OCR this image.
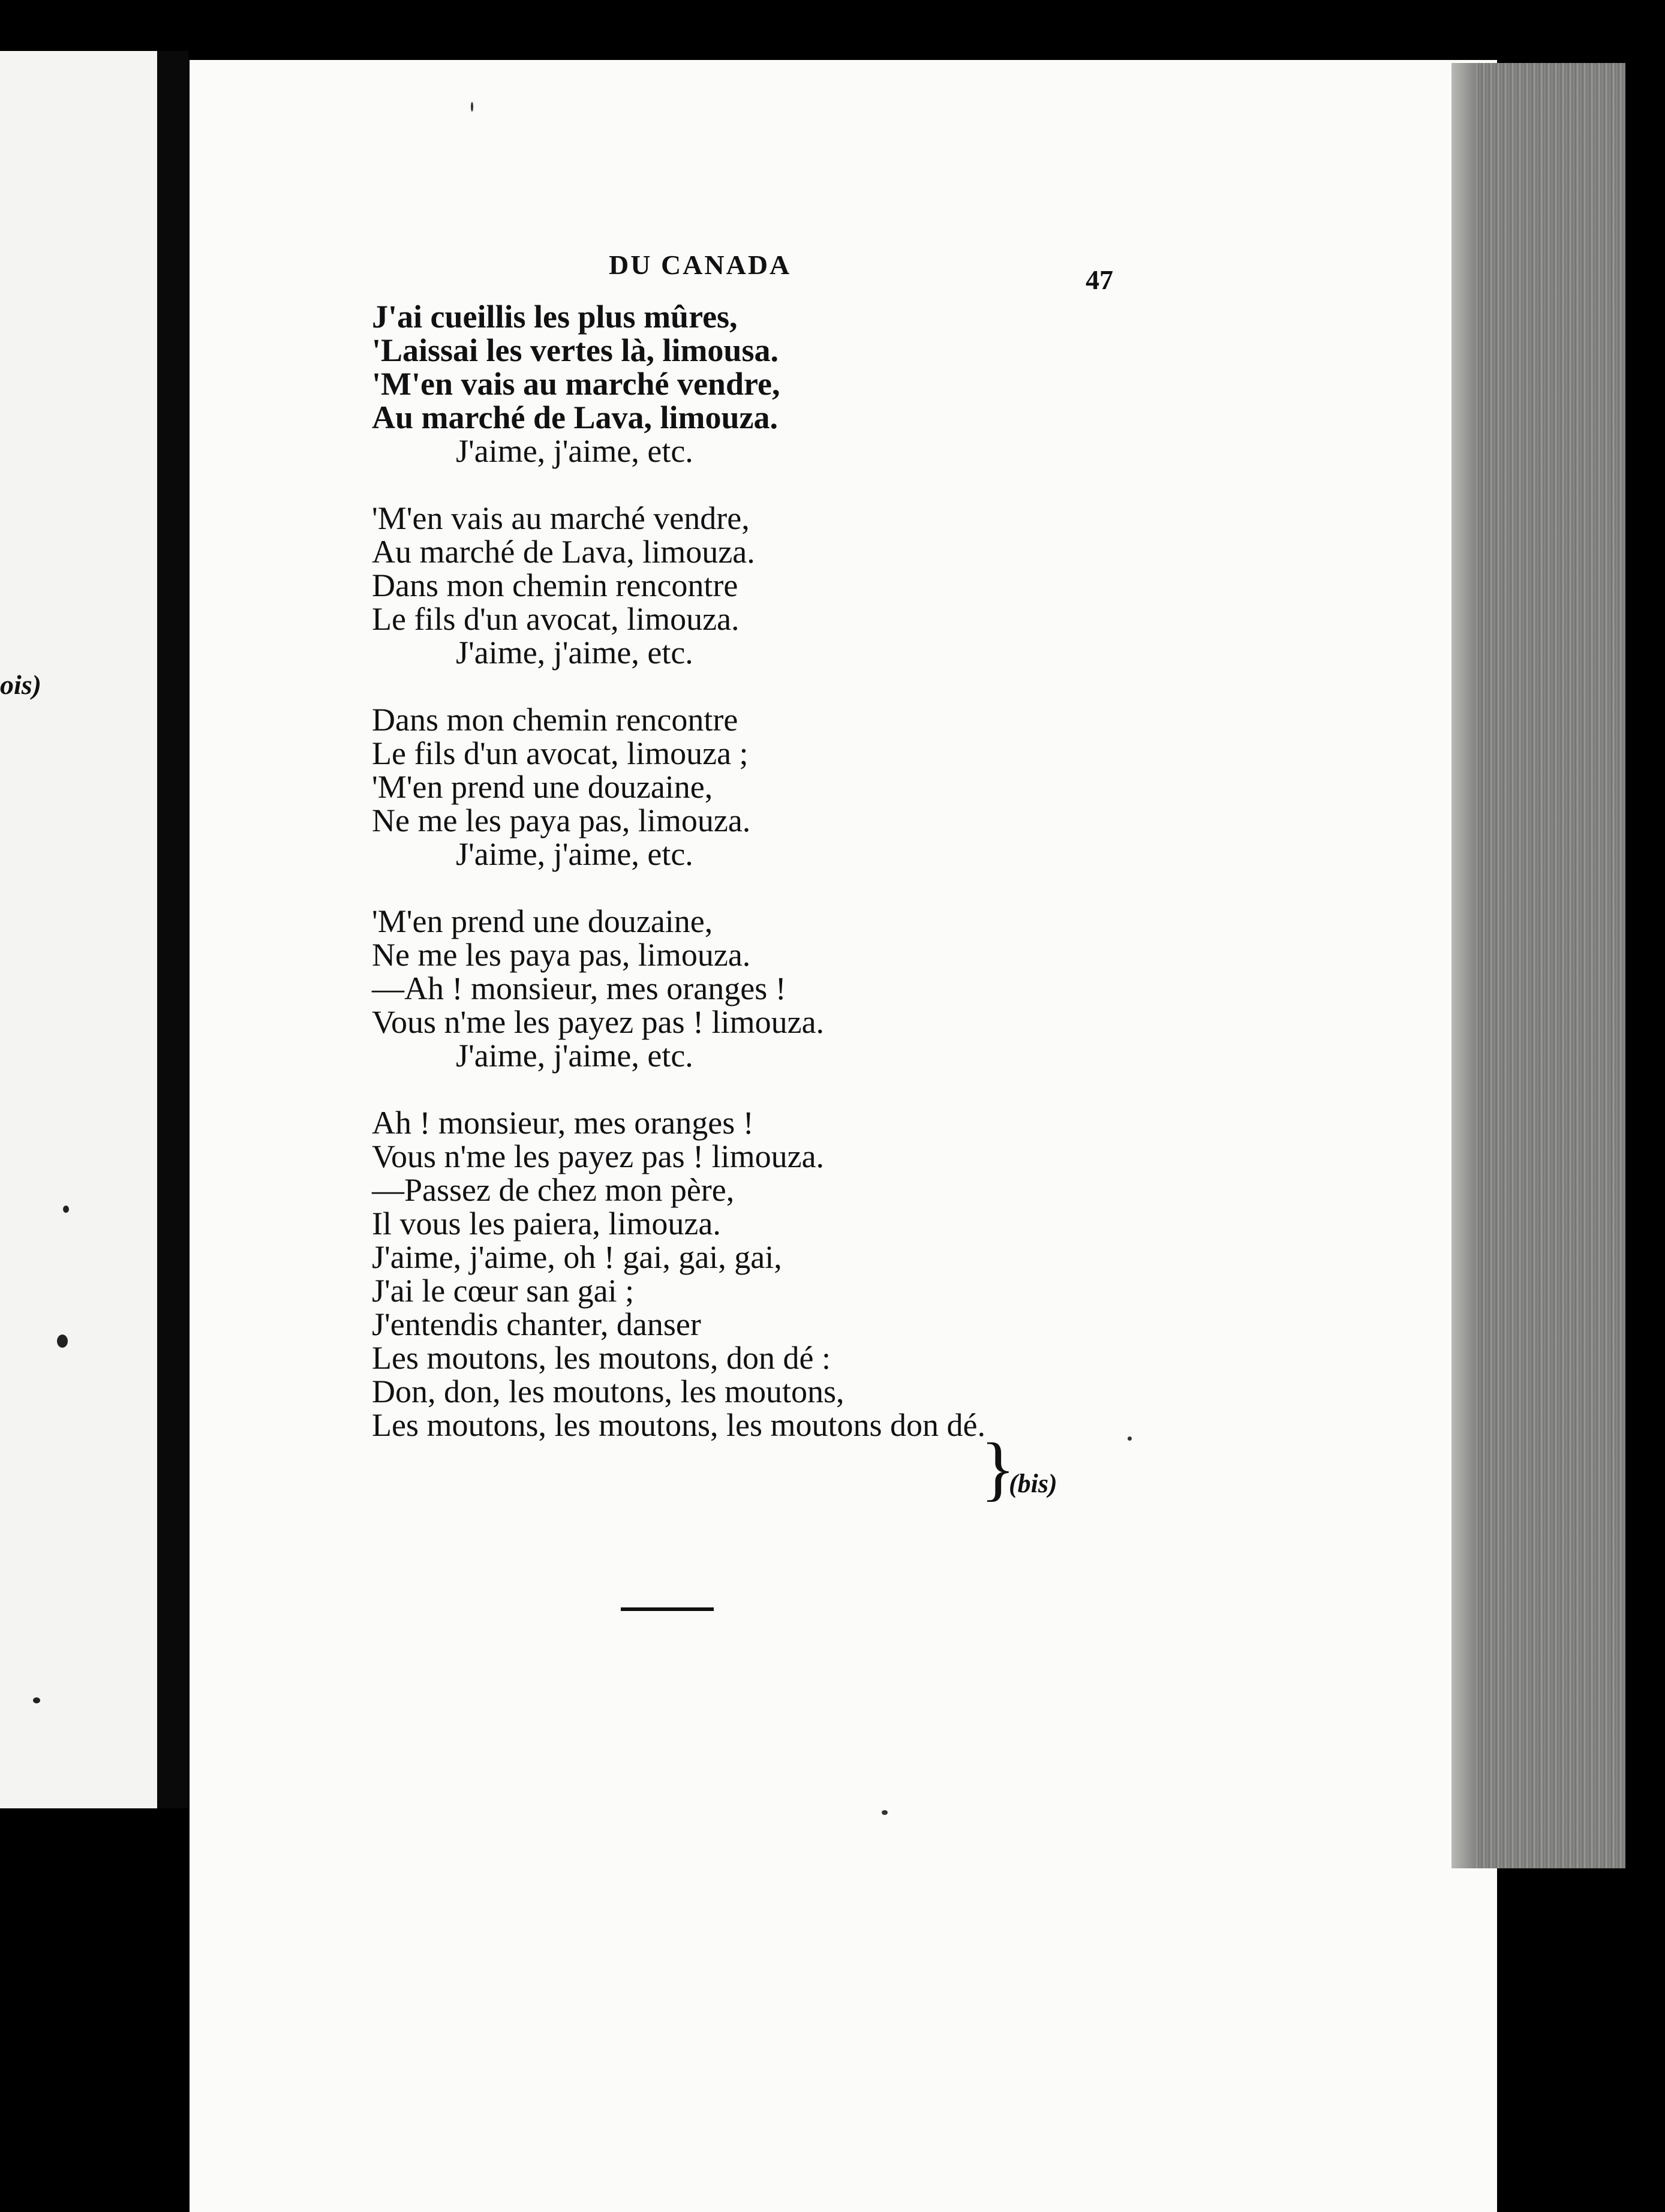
ois)
DU CANADA	47
J'ai cueillis les plus mûres,
'Laissai les vertes là, limousa.
'M'en vais au marché vendre,
Au marché de Lava, limouza.
J'aime, j'aime, etc.
'M'en vais au marché vendre,
Au marché de Lava, limouza.
Dans mon chemin rencontre
Le fils d'un avocat, limouza.
J'aime, j'aime, etc.
Dans mon chemin rencontre
Le fils d'un avocat, limouza ;
'M'en prend une douzaine,
Ne me les paya pas, limouza.
J'aime, j'aime, etc.
'M'en prend une douzaine,
Ne me les paya pas, limouza.
—Ah ! monsieur, mes oranges !
Vous n'me les payez pas ! limouza.
J'aime, j'aime, etc.
Ah ! monsieur, mes oranges !
Vous n'me les payez pas ! limouza.
—Passez de chez mon père,
Il vous les paiera, limouza.
J'aime, j'aime, oh ! gai, gai, gai,
J'ai le cœur san gai ;
J'entendis chanter, danser
Les moutons, les moutons, don dé :
Don, don, les moutons, les moutons,
Les moutons, les moutons, les moutons don dé.
}
(bis)
